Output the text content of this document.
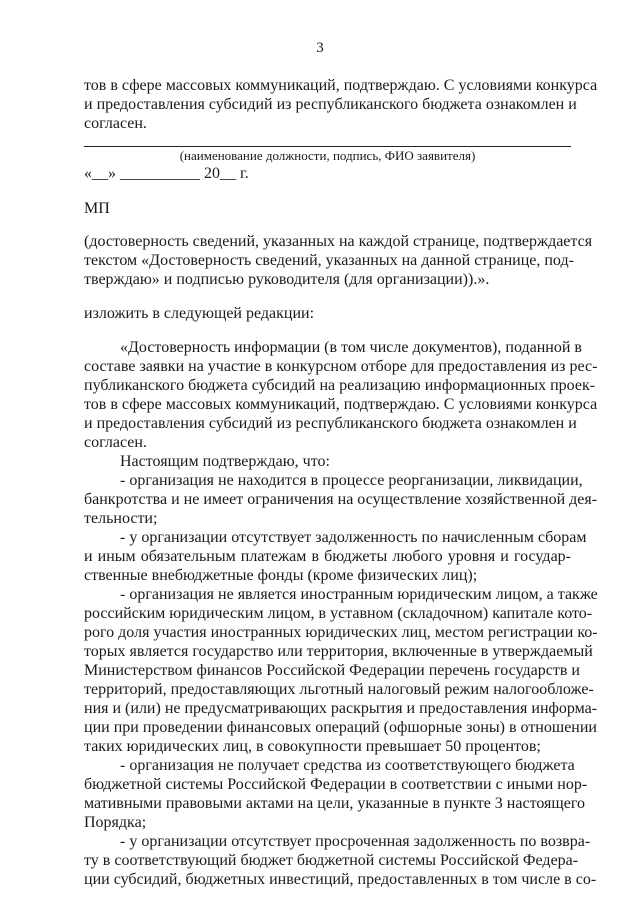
3
тов в сфере массовых коммуникаций, подтверждаю. С условиями конкурса
и предоставления субсидий из республиканского бюджета ознакомлен и
согласен.
(наименование должности, подпись, ФИО заявителя)
«__» __________ 20__ г.
МП
(достоверность сведений, указанных на каждой странице, подтверждается
текстом «Достоверность сведений, указанных на данной странице, под-
тверждаю» и подписью руководителя (для организации)).».
изложить в следующей редакции:
«Достоверность информации (в том числе документов), поданной в
составе заявки на участие в конкурсном отборе для предоставления из рес-
публиканского бюджета субсидий на реализацию информационных проек-
тов в сфере массовых коммуникаций, подтверждаю. С условиями конкурса
и предоставления субсидий из республиканского бюджета ознакомлен и
согласен.
Настоящим подтверждаю, что:
- организация не находится в процессе реорганизации, ликвидации,
банкротства и не имеет ограничения на осуществление хозяйственной дея-
тельности;
- у организации отсутствует задолженность по начисленным сборам
и иным обязательным платежам в бюджеты любого уровня и государ-
ственные внебюджетные фонды (кроме физических лиц);
- организация не является иностранным юридическим лицом, а также
российским юридическим лицом, в уставном (складочном) капитале кото-
рого доля участия иностранных юридических лиц, местом регистрации ко-
торых является государство или территория, включенные в утверждаемый
Министерством финансов Российской Федерации перечень государств и
территорий, предоставляющих льготный налоговый режим налогообложе-
ния и (или) не предусматривающих раскрытия и предоставления информа-
ции при проведении финансовых операций (офшорные зоны) в отношении
таких юридических лиц, в совокупности превышает 50 процентов;
- организация не получает средства из соответствующего бюджета
бюджетной системы Российской Федерации в соответствии с иными нор-
мативными правовыми актами на цели, указанные в пункте 3 настоящего
Порядка;
- у организации отсутствует просроченная задолженность по возвра-
ту в соответствующий бюджет бюджетной системы Российской Федера-
ции субсидий, бюджетных инвестиций, предоставленных в том числе в со-
